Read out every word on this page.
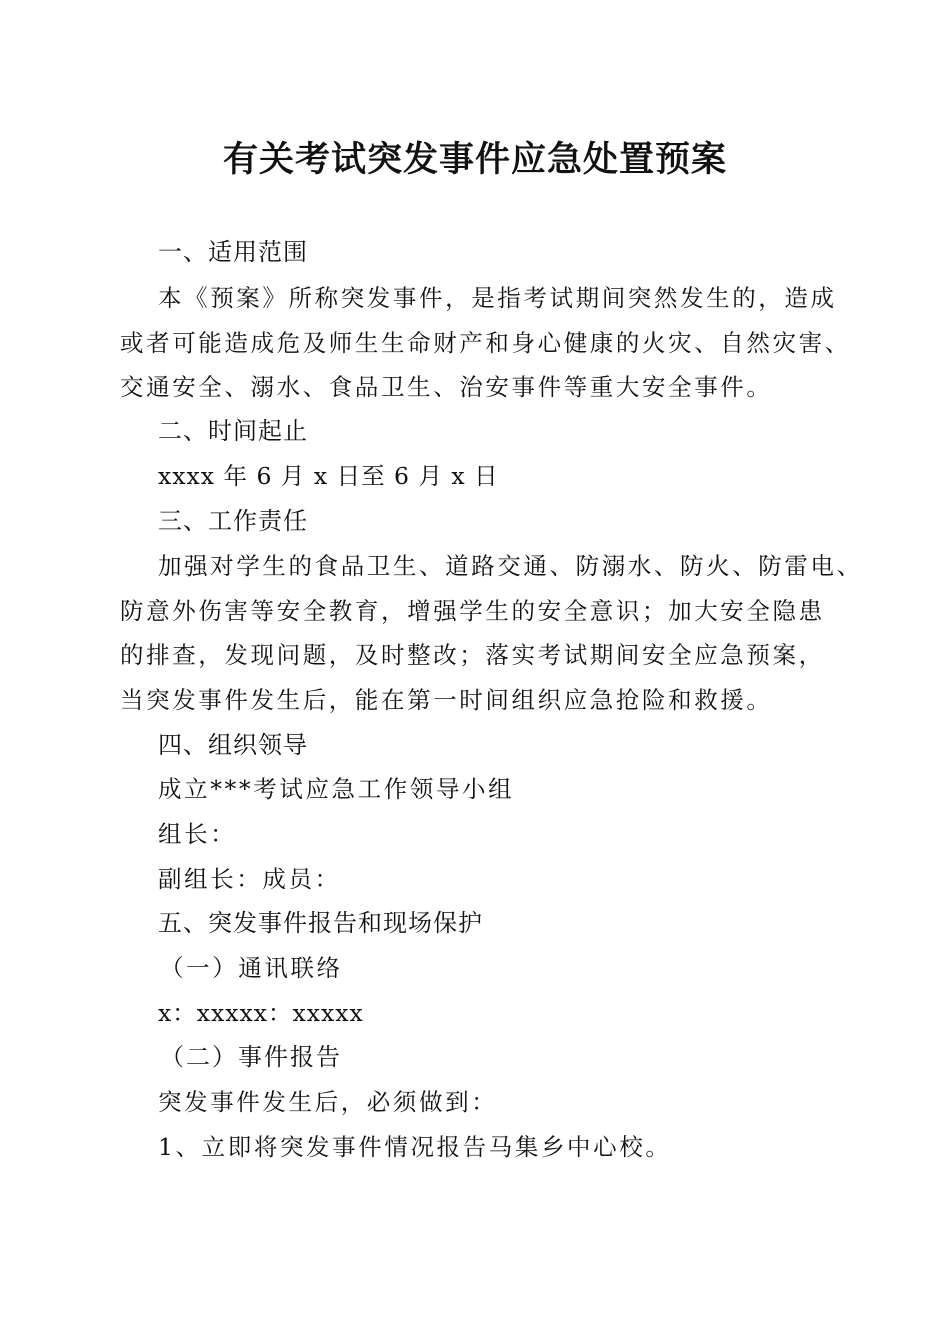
有关考试突发事件应急处置预案
一、适用范围
本《预案》所称突发事件，是指考试期间突然发生的，造成
或者可能造成危及师生生命财产和身心健康的火灾、自然灾害、
交通安全、溺水、食品卫生、治安事件等重大安全事件。
二、时间起止
xxxx 年 6 月 x 日至 6 月 x 日
三、工作责任
加强对学生的食品卫生、道路交通、防溺水、防火、防雷电、
防意外伤害等安全教育，增强学生的安全意识；加大安全隐患
的排查，发现问题，及时整改；落实考试期间安全应急预案，
当突发事件发生后，能在第一时间组织应急抢险和救援。
四、组织领导
成立***考试应急工作领导小组
组长：
副组长：成员：
五、突发事件报告和现场保护
（一）通讯联络
x：xxxxx：xxxxx
（二）事件报告
突发事件发生后，必须做到：
1、立即将突发事件情况报告马集乡中心校。
